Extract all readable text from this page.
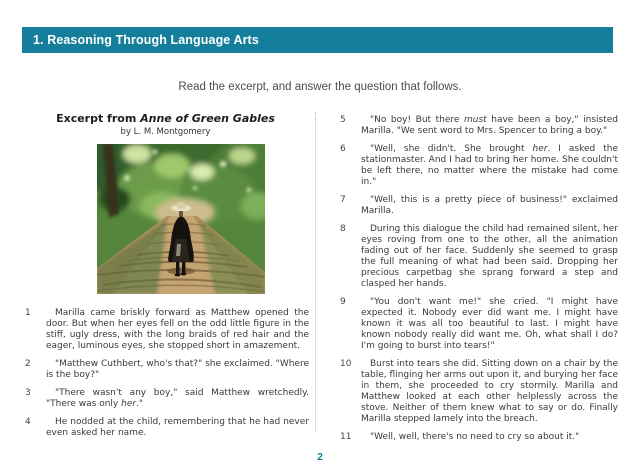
1. Reasoning Through Language Arts
Read the excerpt, and answer the question that follows.
Excerpt from Anne of Green Gables
by L. M. Montgomery
1	Marilla came briskly forward as Matthew opened the door. But when her eyes fell on the odd little figure in the stiff, ugly dress, with the long braids of red hair and the eager, luminous eyes, she stopped short in amazement.
2	"Matthew Cuthbert, who's that?" she exclaimed. "Where is the boy?"
3	"There wasn't any boy," said Matthew wretchedly. "There was only her."
4	He nodded at the child, remembering that he had never even asked her name.
5	"No boy! But there must have been a boy," insisted Marilla. "We sent word to Mrs. Spencer to bring a boy."
6	"Well, she didn't. She brought her. I asked the stationmaster. And I had to bring her home. She couldn't be left there, no matter where the mistake had come in."
7	"Well, this is a pretty piece of business!" exclaimed Marilla.
8	During this dialogue the child had remained silent, her eyes roving from one to the other, all the animation fading out of her face. Suddenly she seemed to grasp the full meaning of what had been said. Dropping her precious carpetbag she sprang forward a step and clasped her hands.
9	"You don't want me!" she cried. "I might have expected it. Nobody ever did want me. I might have known it was all too beautiful to last. I might have known nobody really did want me. Oh, what shall I do? I'm going to burst into tears!"
10	Burst into tears she did. Sitting down on a chair by the table, flinging her arms out upon it, and burying her face in them, she proceeded to cry stormily. Marilla and Matthew looked at each other helplessly across the stove. Neither of them knew what to say or do. Finally Marilla stepped lamely into the breach.
11	"Well, well, there's no need to cry so about it."
2
